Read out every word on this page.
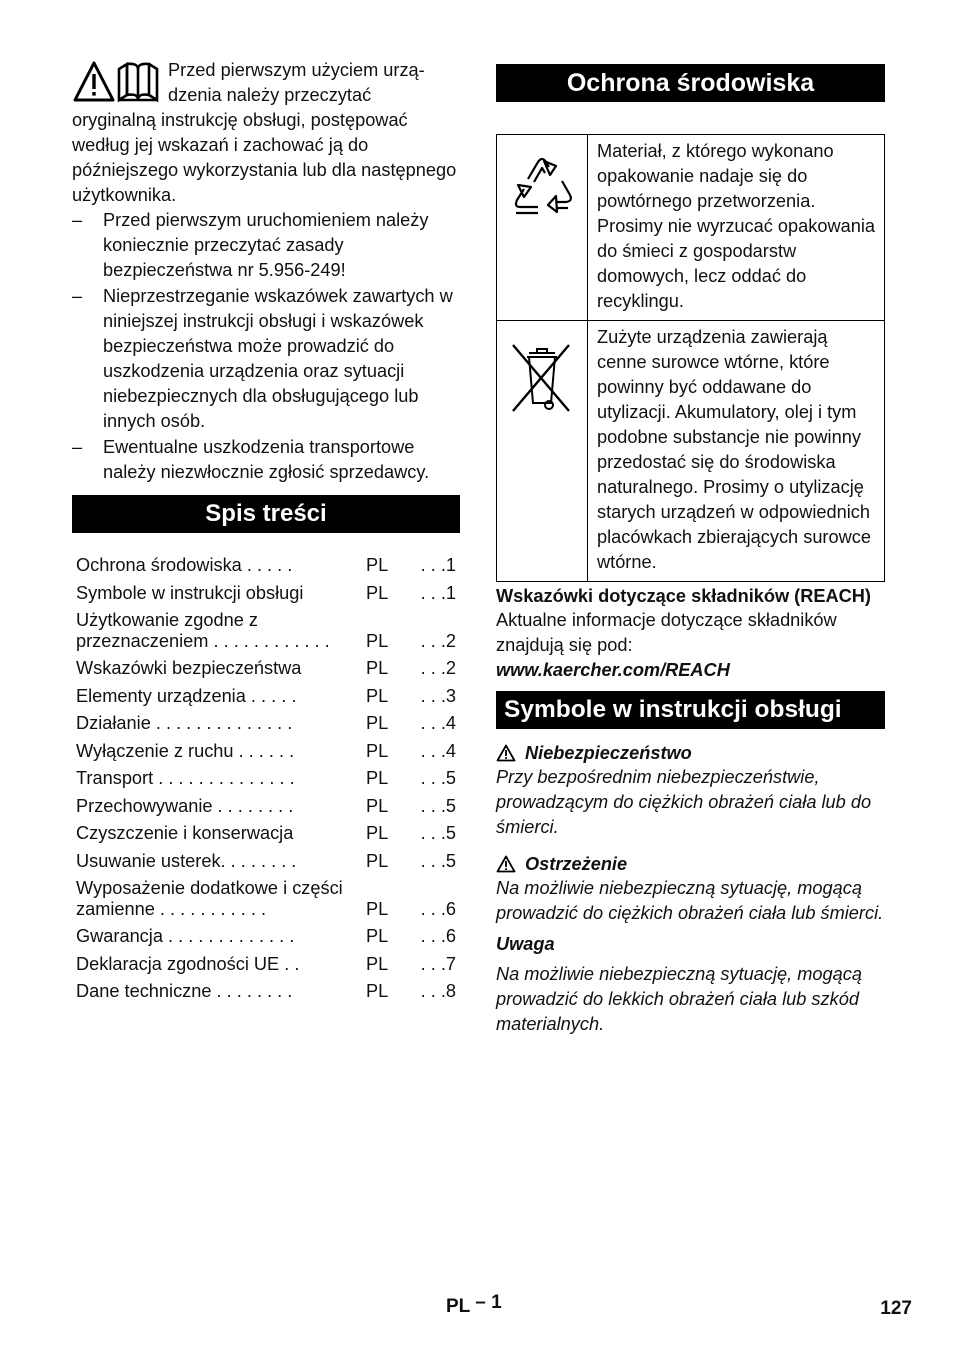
Przed pierwszym użyciem urzą-dzenia należy przeczytać oryginalną instrukcję obsługi, postępować według jej wskazań i zachować ją do późniejszego wykorzystania lub dla następnego użytkownika.

– Przed pierwszym uruchomieniem należy koniecznie przeczytać zasady bezpieczeństwa nr 5.956-249!
– Nieprzestrzeganie wskazówek zawartych w niniejszej instrukcji obsługi i wskazówek bezpieczeństwa może prowadzić do uszkodzenia urządzenia oraz sytuacji niebezpiecznych dla obsługującego lub innych osób.
– Ewentualne uszkodzenia transportowe należy niezwłocznie zgłosić sprzedawcy.
Spis treści
Ochrona środowiska . . . . .	PL	. . .1
Symbole w instrukcji obsługi	PL	. . .1
Użytkowanie zgodne z przeznaczeniem . . . . . . . . . . . .	PL	. . .2
Wskazówki bezpieczeństwa	PL	. . .2
Elementy urządzenia . . . . .	PL	. . .3
Działanie . . . . . . . . . . . . . .	PL	. . .4
Wyłączenie z ruchu . . . . . .	PL	. . .4
Transport . . . . . . . . . . . . . .	PL	. . .5
Przechowywanie . . . . . . . .	PL	. . .5
Czyszczenie i konserwacja	PL	. . .5
Usuwanie usterek. . . . . . . .	PL	. . .5
Wyposażenie dodatkowe i części zamienne . . . . . . . . . . .	PL	. . .6
Gwarancja . . . . . . . . . . . . .	PL	. . .6
Deklaracja zgodności UE . .	PL	. . .7
Dane techniczne . . . . . . . .	PL	. . .8
Ochrona środowiska
	Materiał, z którego wykonano opakowanie nadaje się do powtórnego przetworzenia. Prosimy nie wyrzucać opakowania do śmieci z gospodarstw domowych, lecz oddać do recyklingu.
	Zużyte urządzenia zawierają cenne surowce wtórne, które powinny być oddawane do utylizacji. Akumulatory, olej i tym podobne substancje nie powinny przedostać się do środowiska naturalnego. Prosimy o utylizację starych urządzeń w odpowiednich placówkach zbierających surowce wtórne.

Wskazówki dotyczące składników (REACH)

Aktualne informacje dotyczące składników znajdują się pod:

www.kaercher.com/REACH

Symbole w instrukcji obsługi
Niebezpieczeństwo

Przy bezpośrednim niebezpieczeństwie, prowadzącym do ciężkich obrażeń ciała lub do śmierci.

Ostrzeżenie

Na możliwie niebezpieczną sytuację, mogącą prowadzić do ciężkich obrażeń ciała lub śmierci.

Uwaga

Na możliwie niebezpieczną sytuację, mogącą prowadzić do lekkich obrażeń ciała lub szkód materialnych.

PL – 1	127
